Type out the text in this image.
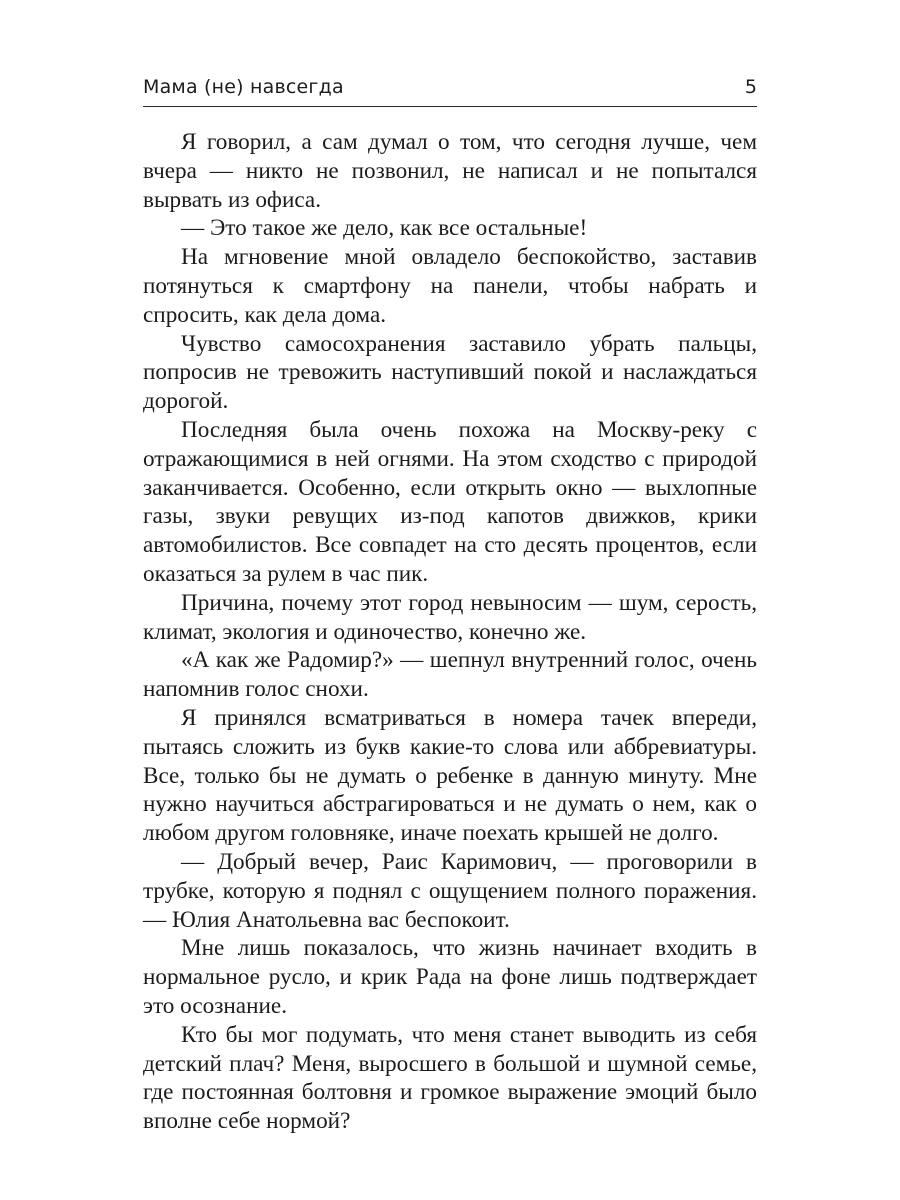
Мама (не) навсегда	5

Я говорил, а сам думал о том, что сегодня лучше, чем вчера — никто не позвонил, не написал и не попытался вырвать из офиса.

— Это такое же дело, как все остальные!

На мгновение мной овладело беспокойство, заставив потянуться к смартфону на панели, чтобы набрать и спросить, как дела дома.

Чувство самосохранения заставило убрать пальцы, попросив не тревожить наступивший покой и наслаждаться дорогой.

Последняя была очень похожа на Москву-реку с отражающимися в ней огнями. На этом сходство с природой заканчивается. Особенно, если открыть окно — выхлопные газы, звуки ревущих из-под капотов движков, крики автомобилистов. Все совпадет на сто десять процентов, если оказаться за рулем в час пик.

Причина, почему этот город невыносим — шум, серость, климат, экология и одиночество, конечно же.

«А как же Радомир?» — шепнул внутренний голос, очень напомнив голос снохи.

Я принялся всматриваться в номера тачек впереди, пытаясь сложить из букв какие-то слова или аббревиатуры. Все, только бы не думать о ребенке в данную минуту. Мне нужно научиться абстрагироваться и не думать о нем, как о любом другом головняке, иначе поехать крышей не долго.

— Добрый вечер, Раис Каримович, — проговорили в трубке, которую я поднял с ощущением полного поражения. — Юлия Анатольевна вас беспокоит.

Мне лишь показалось, что жизнь начинает входить в нормальное русло, и крик Рада на фоне лишь подтверждает это осознание.

Кто бы мог подумать, что меня станет выводить из себя детский плач? Меня, выросшего в большой и шумной семье, где постоянная болтовня и громкое выражение эмоций было вполне себе нормой?
